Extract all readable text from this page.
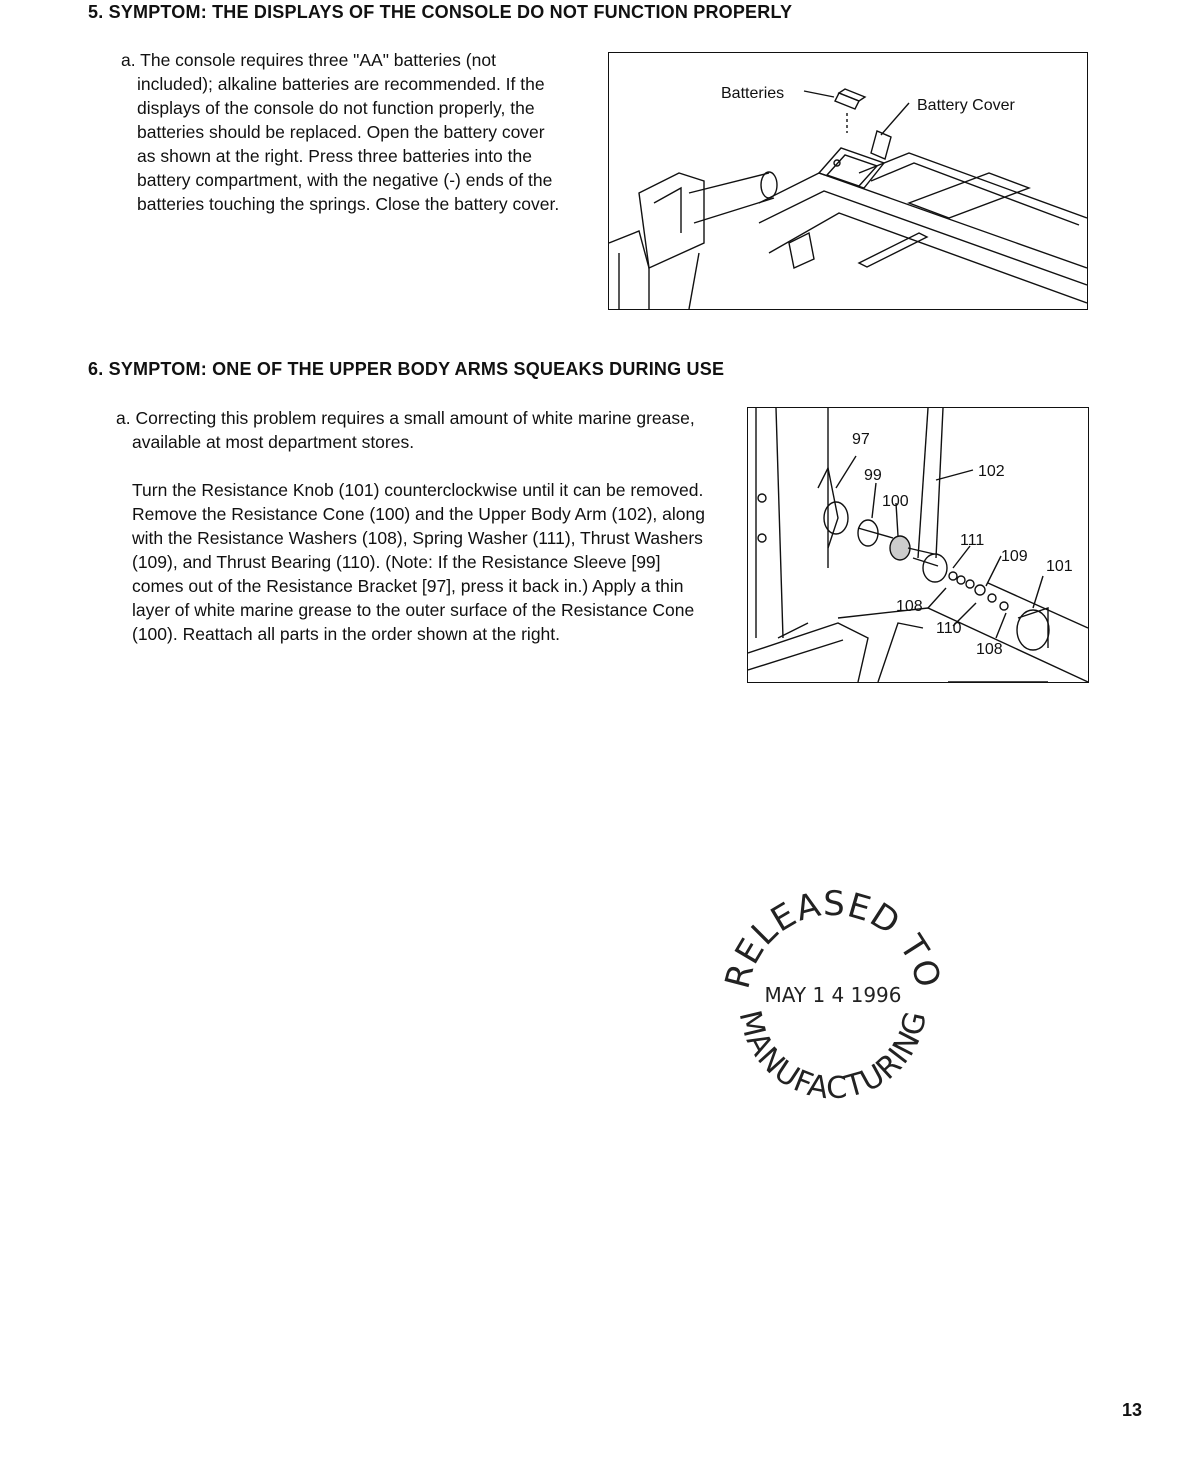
5. SYMPTOM: THE DISPLAYS OF THE CONSOLE DO NOT FUNCTION PROPERLY

a. The console requires three "AA" batteries (not included); alkaline batteries are recommended. If the displays of the console do not function properly, the batteries should be replaced. Open the battery cover as shown at the right. Press three batteries into the battery compartment, with the negative (-) ends of the batteries touching the springs. Close the battery cover.

Batteries
Battery Cover
6. SYMPTOM: ONE OF THE UPPER BODY ARMS SQUEAKS DURING USE

a. Correcting this problem requires a small amount of white marine grease, available at most department stores.

Turn the Resistance Knob (101) counterclockwise until it can be removed. Remove the Resistance Cone (100) and the Upper Body Arm (102), along with the Resistance Washers (108), Spring Washer (111), Thrust Washers (109), and Thrust Bearing (110). (Note: If the Resistance Sleeve [99] comes out of the Resistance Bracket [97], press it back in.) Apply a thin layer of white marine grease to the outer surface of the Resistance Cone (100). Reattach all parts in the order shown at the right.

97
99
100
102
111
109
101
108
110
108
RELEASED TO
MAY 1 4 1996
MANUFACTURING
13
